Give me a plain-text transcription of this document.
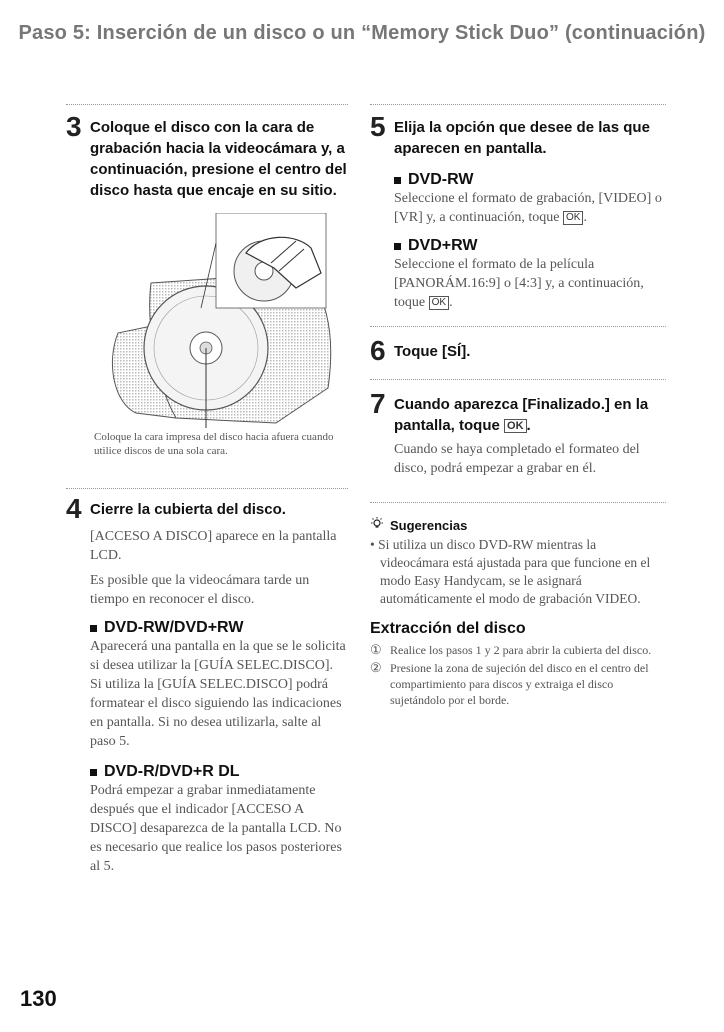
Paso 5: Inserción de un disco o un “Memory Stick Duo” (continuación)
3 Coloque el disco con la cara de grabación hacia la videocámara y, a continuación, presione el centro del disco hasta que encaje en su sitio.
Coloque la cara impresa del disco hacia afuera cuando utilice discos de una sola cara.
4 Cierre la cubierta del disco.
[ACCESO A DISCO] aparece en la pantalla LCD.
Es posible que la videocámara tarde un tiempo en reconocer el disco.
DVD-RW/DVD+RW
Aparecerá una pantalla en la que se le solicita si desea utilizar la [GUÍA SELEC.DISCO]. Si utiliza la [GUÍA SELEC.DISCO] podrá formatear el disco siguiendo las indicaciones en pantalla. Si no desea utilizarla, salte al paso 5.
DVD-R/DVD+R DL
Podrá empezar a grabar inmediatamente después que el indicador [ACCESO A DISCO] desaparezca de la pantalla LCD. No es necesario que realice los pasos posteriores al 5.
5 Elija la opción que desee de las que aparecen en pantalla.
DVD-RW
Seleccione el formato de grabación, [VIDEO] o [VR] y, a continuación, toque OK .
DVD+RW
Seleccione el formato de la película [PANORÁM.16:9] o [4:3] y, a continuación, toque OK .
6 Toque [SÍ].
7 Cuando aparezca [Finalizado.] en la pantalla, toque OK .
Cuando se haya completado el formateo del disco, podrá empezar a grabar en él.
Sugerencias
• Si utiliza un disco DVD-RW mientras la videocámara está ajustada para que funcione en el modo Easy Handycam, se le asignará automáticamente el modo de grabación VIDEO.
Extracción del disco
① Realice los pasos 1 y 2 para abrir la cubierta del disco.
② Presione la zona de sujeción del disco en el centro del compartimiento para discos y extraiga el disco sujetándolo por el borde.
130
